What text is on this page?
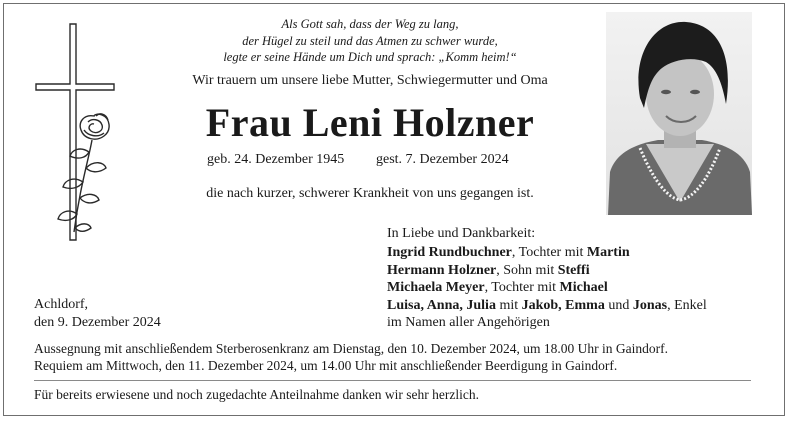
Als Gott sah, dass der Weg zu lang,
der Hügel zu steil und das Atmen zu schwer wurde,
legte er seine Hände um Dich und sprach: „Komm heim!“
Wir trauern um unsere liebe Mutter, Schwiegermutter und Oma
Frau Leni Holzner
geb. 24. Dezember 1945 gest. 7. Dezember 2024
die nach kurzer, schwerer Krankheit von uns gegangen ist.
In Liebe und Dankbarkeit:
Ingrid Rundbuchner, Tochter mit Martin
Hermann Holzner, Sohn mit Steffi
Michaela Meyer, Tochter mit Michael
Luisa, Anna, Julia mit Jakob, Emma und Jonas, Enkel
im Namen aller Angehörigen
Achldorf,
den 9. Dezember 2024
Aussegnung mit anschließendem Sterberosenkranz am Dienstag, den 10. Dezember 2024, um 18.00 Uhr in Gaindorf.
Requiem am Mittwoch, den 11. Dezember 2024, um 14.00 Uhr mit anschließender Beerdigung in Gaindorf.
Für bereits erwiesene und noch zugedachte Anteilnahme danken wir sehr herzlich.
